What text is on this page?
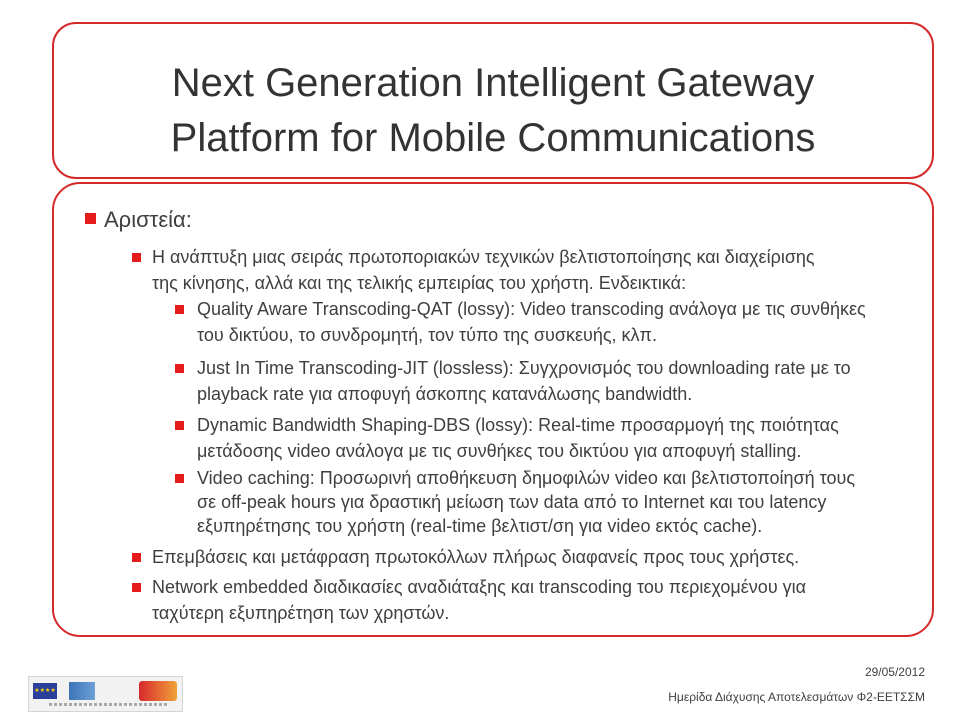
Next Generation Intelligent Gateway
Platform for Mobile Communications
Αριστεία:
Η ανάπτυξη μιας σειράς πρωτοποριακών τεχνικών βελτιστοποίησης και διαχείρισης
της κίνησης, αλλά και της τελικής εμπειρίας του χρήστη. Ενδεικτικά:
Quality Aware Transcoding-QAT (lossy): Video transcoding ανάλογα με τις συνθήκες
του δικτύου, το συνδρομητή, τον τύπο της συσκευής, κλπ.
Just In Time Transcoding-JIT (lossless): Συγχρονισμός του downloading rate με το
playback rate για αποφυγή άσκοπης κατανάλωσης bandwidth.
Dynamic Bandwidth Shaping-DBS (lossy): Real-time προσαρμογή της ποιότητας
μετάδοσης video ανάλογα με τις συνθήκες του δικτύου για αποφυγή stalling.
Video caching: Προσωρινή αποθήκευση δημοφιλών video και βελτιστοποίησή τους
σε off-peak hours για δραστική μείωση των data από το Internet και του latency
εξυπηρέτησης του χρήστη (real-time βελτιστ/ση για video εκτός cache).
Επεμβάσεις και μετάφραση πρωτοκόλλων πλήρως διαφανείς προς τους χρήστες.
Network embedded διαδικασίες αναδιάταξης και transcoding του περιεχομένου για
ταχύτερη εξυπηρέτηση των χρηστών.
★★★★
29/05/2012
Ημερίδα Διάχυσης Αποτελεσμάτων Φ2-ΕΕΤΣΣΜ
